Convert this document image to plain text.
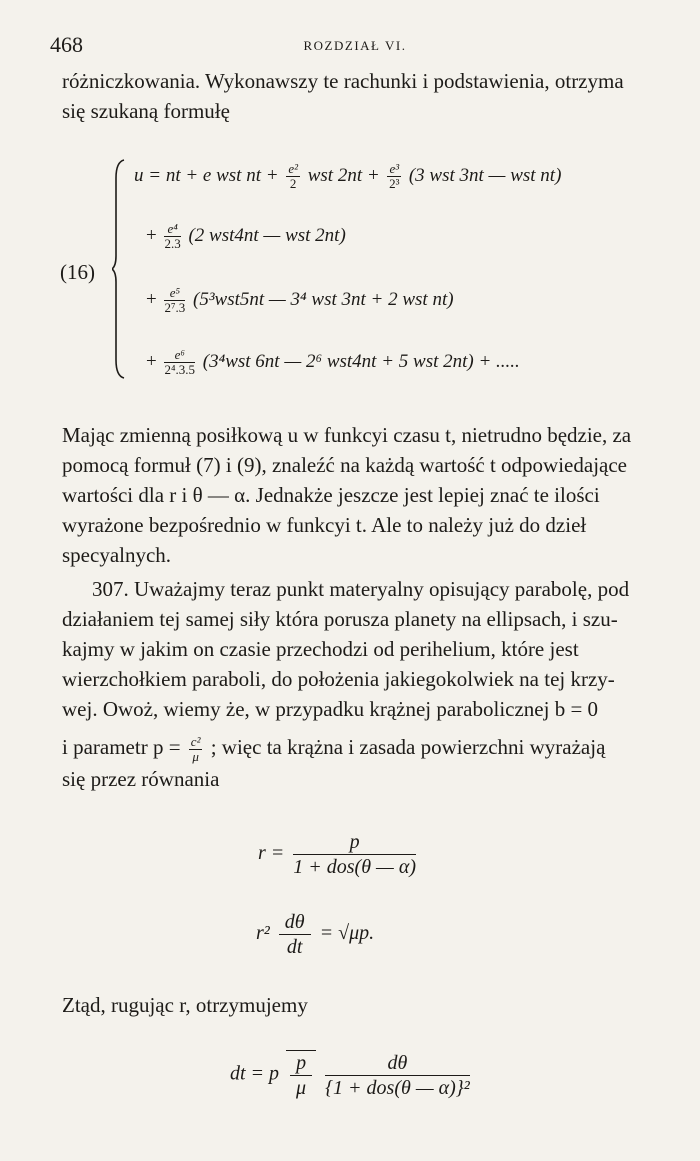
468	ROZDZIAŁ VI.
różniczkowania. Wykonawszy te rachunki i podstawienia, otrzyma
się szukaną formułę
(16)
u = nt + e wst nt + $\frac{\text{e²}}{2}$ wst $2nt + \frac{\text{e³}}{\text{2³}} (3$ wst 3nt — wst nt)
+ $\frac{\text{e⁴}}{2.3} (2$ wst4nt — wst 2nt)
+ $\frac{\text{e⁵}}{\text{2⁷.3}} (5^3wst5nt$ — 3⁴ wst 3nt + 2 wst nt)
+ $\frac{\text{e⁶}}{\text{2⁴.3.5}} (3^4wst$ 6nt — 2⁶ wst4nt + 5 wst 2nt) + .....
Mając zmienną posiłkową u w funkcyi czasu t, nietrudno będzie, za
pomocą formuł (7) i (9), znaleźć na każdą wartość t odpowiedające
wartości dla r i θ — α. Jednakże jeszcze jest lepiej znać te ilości
wyrażone bezpośrednio w funkcyi t. Ale to należy już do dzieł
specyalnych.
307. Uważajmy teraz punkt materyalny opisujący parabolę, pod
działaniem tej samej siły która porusza planety na ellipsach, i szu-
kajmy w jakim on czasie przechodzi od perihelium, które jest
wierzchołkiem paraboli, do położenia jakiegokolwiek na tej krzy-
wej. Owoż, wiemy że, w przypadku krążnej parabolicznej b = 0
i parametr $p = \frac{\text{c²}}{\mu}$ ; więc ta krążna i zasada powierzchni wyrażają
się przez równania
r =
p
1 + dos(θ — α)
$r^2 \frac{d\theta}{dt} = √\mu p$.
Ztąd, rugując r, otrzymujemy
dt = p $\frac{p}{\mu}$
	dθ
{1 + dos(θ — α)}²
